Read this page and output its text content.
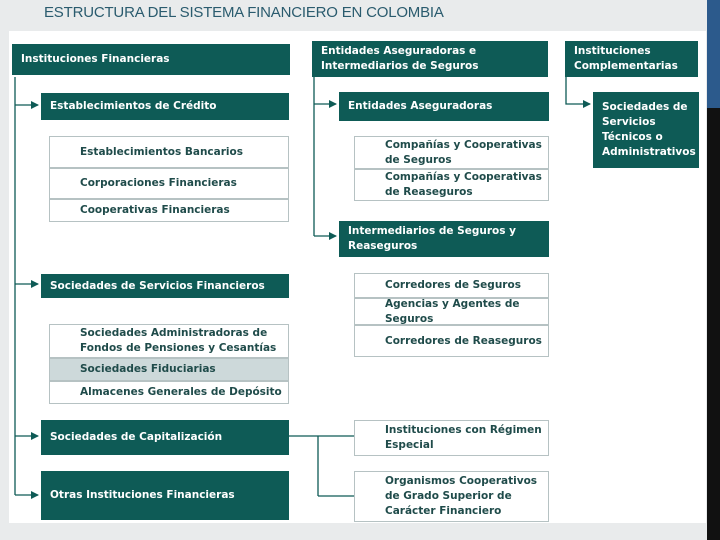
ESTRUCTURA DEL SISTEMA FINANCIERO EN COLOMBIA
Instituciones Financieras
Establecimientos de Crédito
Establecimientos Bancarios
Corporaciones Financieras
Cooperativas Financieras
Sociedades de Servicios Financieros
Sociedades Administradoras de Fondos de Pensiones y Cesantías
Sociedades Fiduciarias
Almacenes Generales de Depósito
Sociedades de Capitalización
Otras Instituciones Financieras
Entidades Aseguradoras e Intermediarios de Seguros
Entidades Aseguradoras
Compañías y Cooperativas de Seguros
Compañías y Cooperativas de Reaseguros
Intermediarios de Seguros y Reaseguros
Corredores de Seguros
Agencias y Agentes de Seguros
Corredores de Reaseguros
Instituciones con Régimen Especial
Organismos Cooperativos de Grado Superior de Carácter Financiero
Instituciones Complementarias
Sociedades de Servicios Técnicos o Administrativos
